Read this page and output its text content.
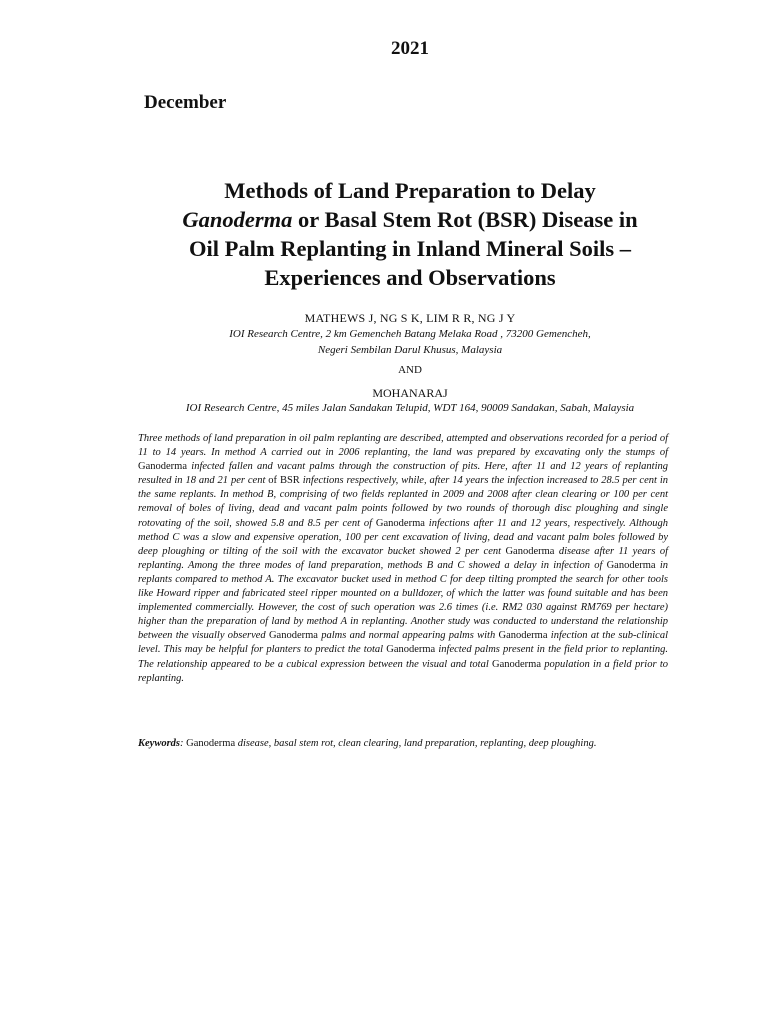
2021
December
Methods of Land Preparation to Delay
Ganoderma or Basal Stem Rot (BSR) Disease in
Oil Palm Replanting in Inland Mineral Soils –
Experiences and Observations
MATHEWS J, NG S K, LIM R R, NG J Y
IOI Research Centre, 2 km Gemencheh Batang Melaka Road , 73200 Gemencheh,
Negeri Sembilan Darul Khusus, Malaysia
AND
MOHANARAJ
IOI Research Centre, 45 miles Jalan Sandakan Telupid, WDT 164, 90009 Sandakan, Sabah, Malaysia
Three methods of land preparation in oil palm replanting are described, attempted and observations recorded for a period of 11 to 14 years. In method A carried out in 2006 replanting, the land was prepared by excavating only the stumps of Ganoderma infected fallen and vacant palms through the construction of pits. Here, after 11 and 12 years of replanting resulted in 18 and 21 per cent of BSR infections respectively, while, after 14 years the infection increased to 28.5 per cent in the same replants. In method B, comprising of two fields replanted in 2009 and 2008 after clean clearing or 100 per cent removal of boles of living, dead and vacant palm points followed by two rounds of thorough disc ploughing and single rotovating of the soil, showed 5.8 and 8.5 per cent of Ganoderma infections after 11 and 12 years, respectively. Although method C was a slow and expensive operation, 100 per cent excavation of living, dead and vacant palm boles followed by deep ploughing or tilting of the soil with the excavator bucket showed 2 per cent Ganoderma disease after 11 years of replanting. Among the three modes of land preparation, methods B and C showed a delay in infection of Ganoderma in replants compared to method A. The excavator bucket used in method C for deep tilting prompted the search for other tools like Howard ripper and fabricated steel ripper mounted on a bulldozer, of which the latter was found suitable and has been implemented commercially. However, the cost of such operation was 2.6 times (i.e. RM2 030 against RM769 per hectare) higher than the preparation of land by method A in replanting. Another study was conducted to understand the relationship between the visually observed Ganoderma palms and normal appearing palms with Ganoderma infection at the sub-clinical level. This may be helpful for planters to predict the total Ganoderma infected palms present in the field prior to replanting. The relationship appeared to be a cubical expression between the visual and total Ganoderma population in a field prior to replanting.
Keywords: Ganoderma disease, basal stem rot, clean clearing, land preparation, replanting, deep ploughing.
